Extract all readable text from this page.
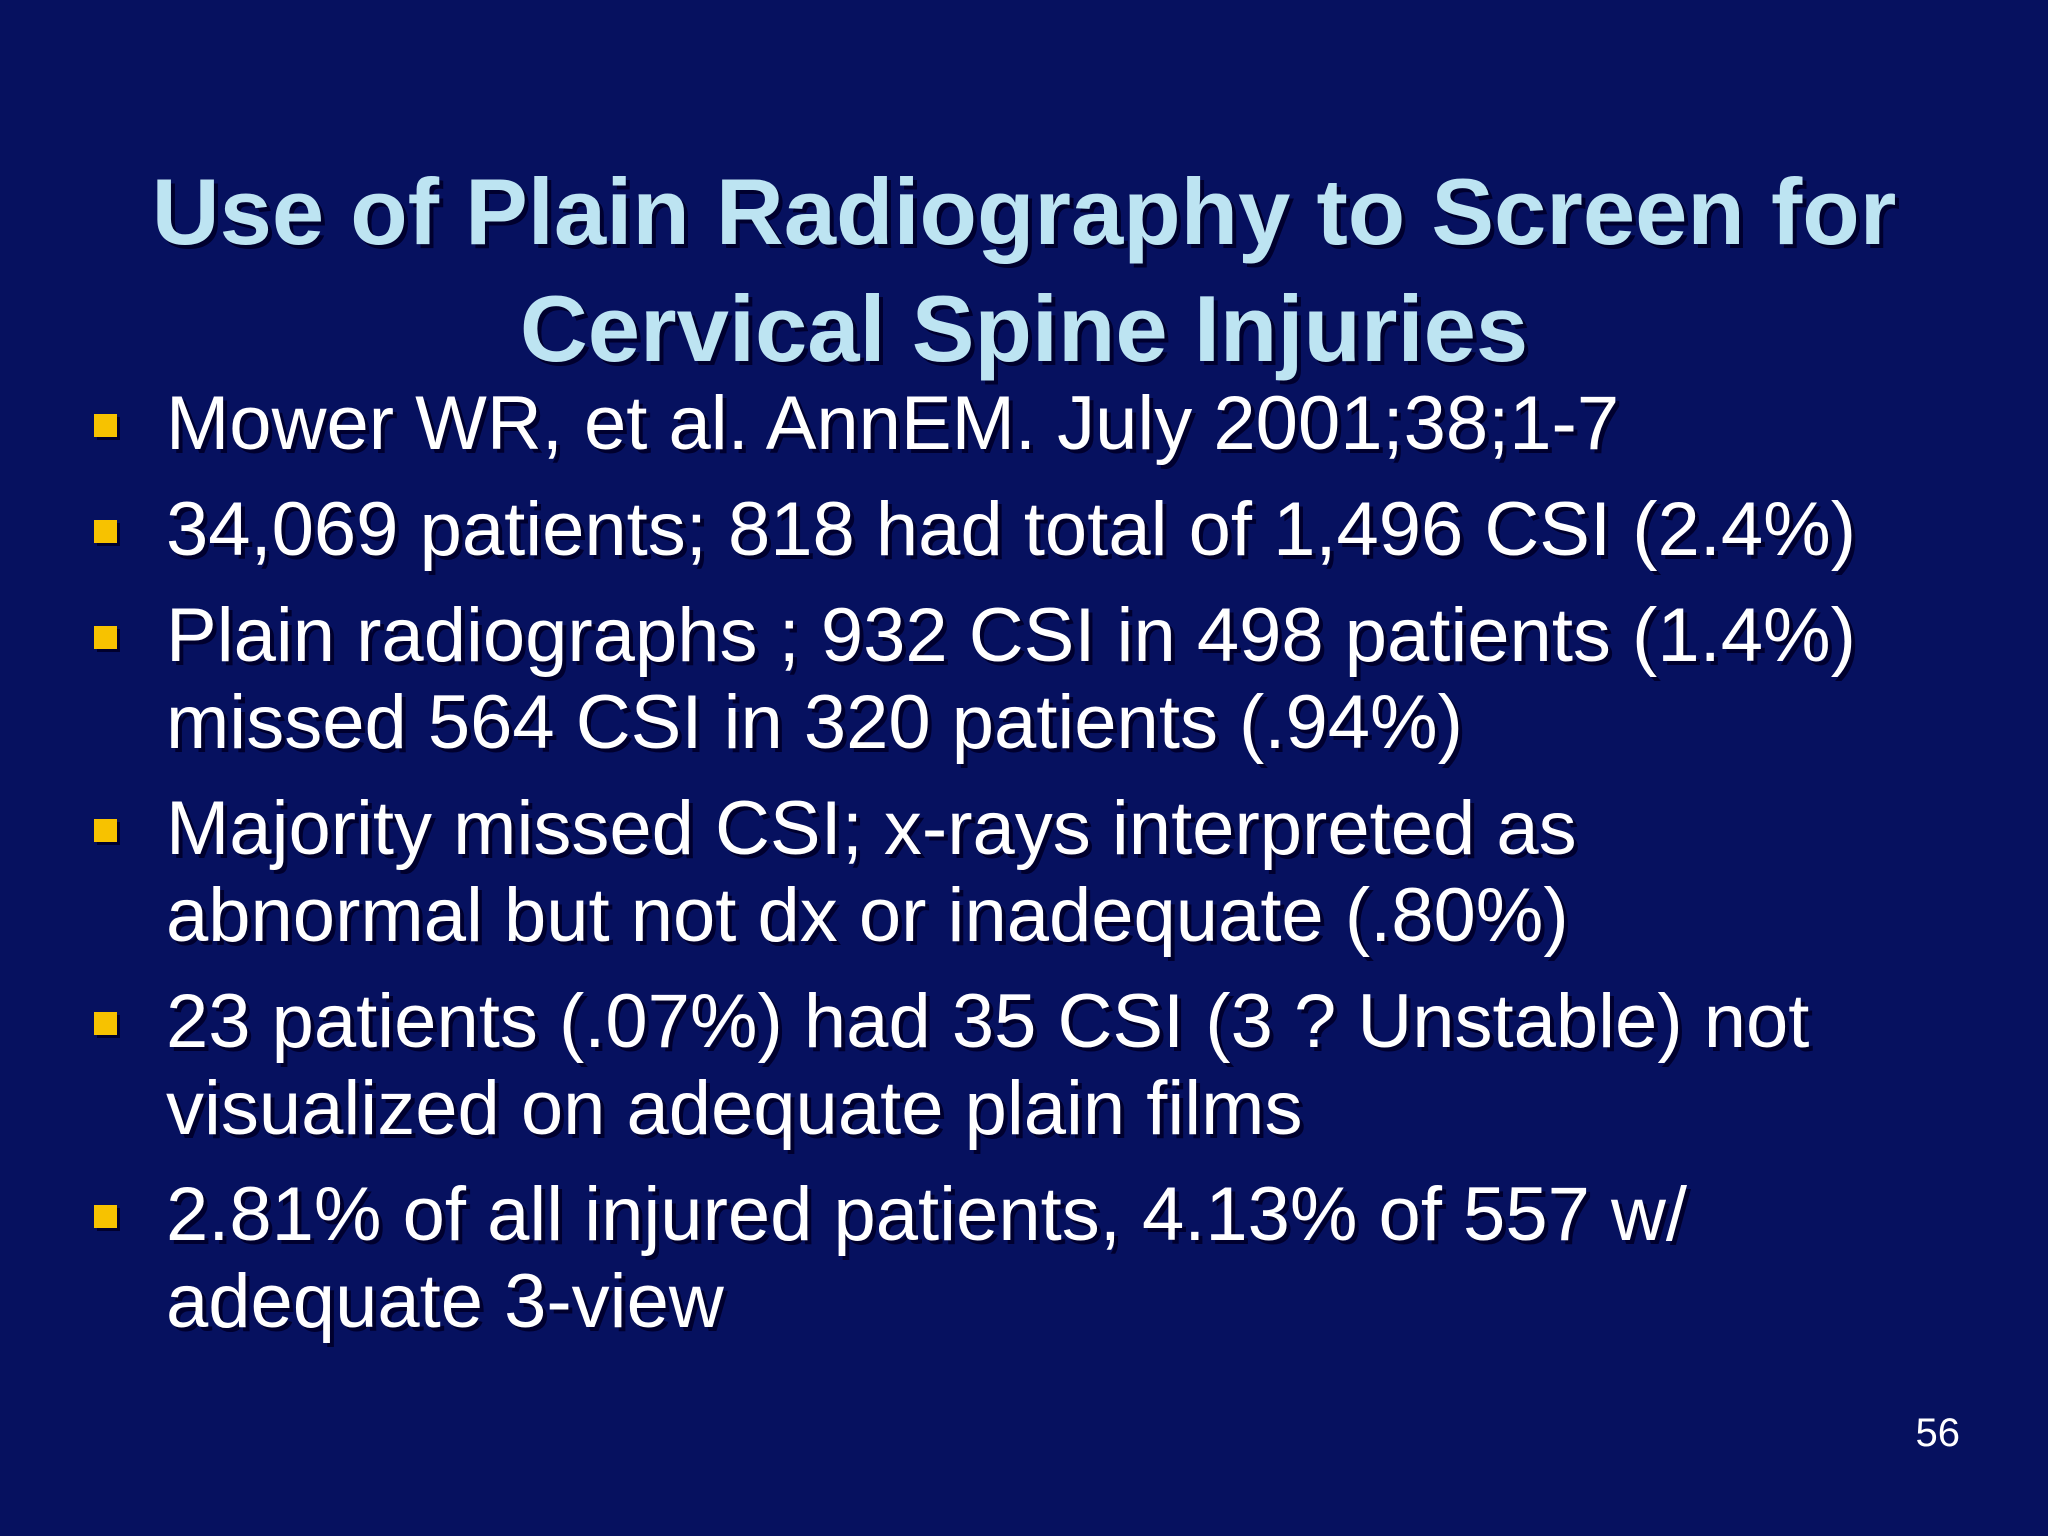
Use of Plain Radiography to Screen for
Cervical Spine Injuries
Mower WR, et al. AnnEM. July 2001;38;1-7
34,069 patients; 818 had total of 1,496 CSI (2.4%)
Plain radiographs ; 932 CSI in 498 patients (1.4%)
missed 564 CSI in 320 patients (.94%)
Majority missed CSI; x-rays interpreted as
abnormal but not dx or inadequate (.80%)
23 patients (.07%) had 35 CSI (3 ? Unstable) not
visualized on adequate plain films
2.81% of all injured patients, 4.13% of 557 w/
adequate 3-view
56
